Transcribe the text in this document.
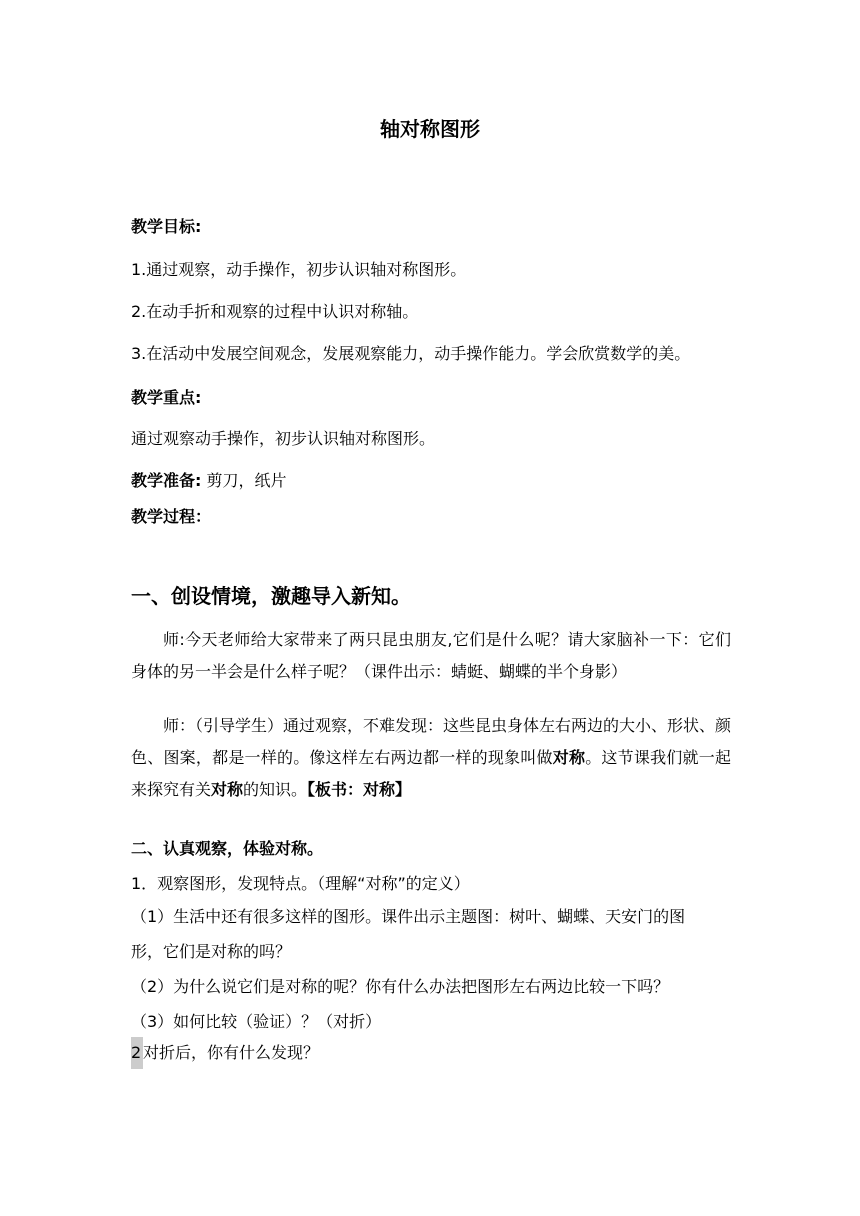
轴对称图形
教学目标:
1.通过观察，动手操作，初步认识轴对称图形。
2.在动手折和观察的过程中认识对称轴。
3.在活动中发展空间观念，发展观察能力，动手操作能力。学会欣赏数学的美。
教学重点:
通过观察动手操作，初步认识轴对称图形。
教学准备: 剪刀，纸片
教学过程：
一、创设情境，激趣导入新知。
师:今天老师给大家带来了两只昆虫朋友,它们是什么呢？请大家脑补一下：它们身体的另一半会是什么样子呢？（课件出示：蜻蜓、蝴蝶的半个身影）
师：（引导学生）通过观察，不难发现：这些昆虫身体左右两边的大小、形状、颜色、图案，都是一样的。像这样左右两边都一样的现象叫做对称。这节课我们就一起来探究有关对称的知识。【板书：对称】
二、认真观察，体验对称。
1．观察图形，发现特点。（理解“对称”的定义）
（1）生活中还有很多这样的图形。课件出示主题图：树叶、蝴蝶、天安门的图
形，它们是对称的吗？
（2）为什么说它们是对称的呢？你有什么办法把图形左右两边比较一下吗？
（3）如何比较（验证）？（对折）
2 对折后，你有什么发现？
